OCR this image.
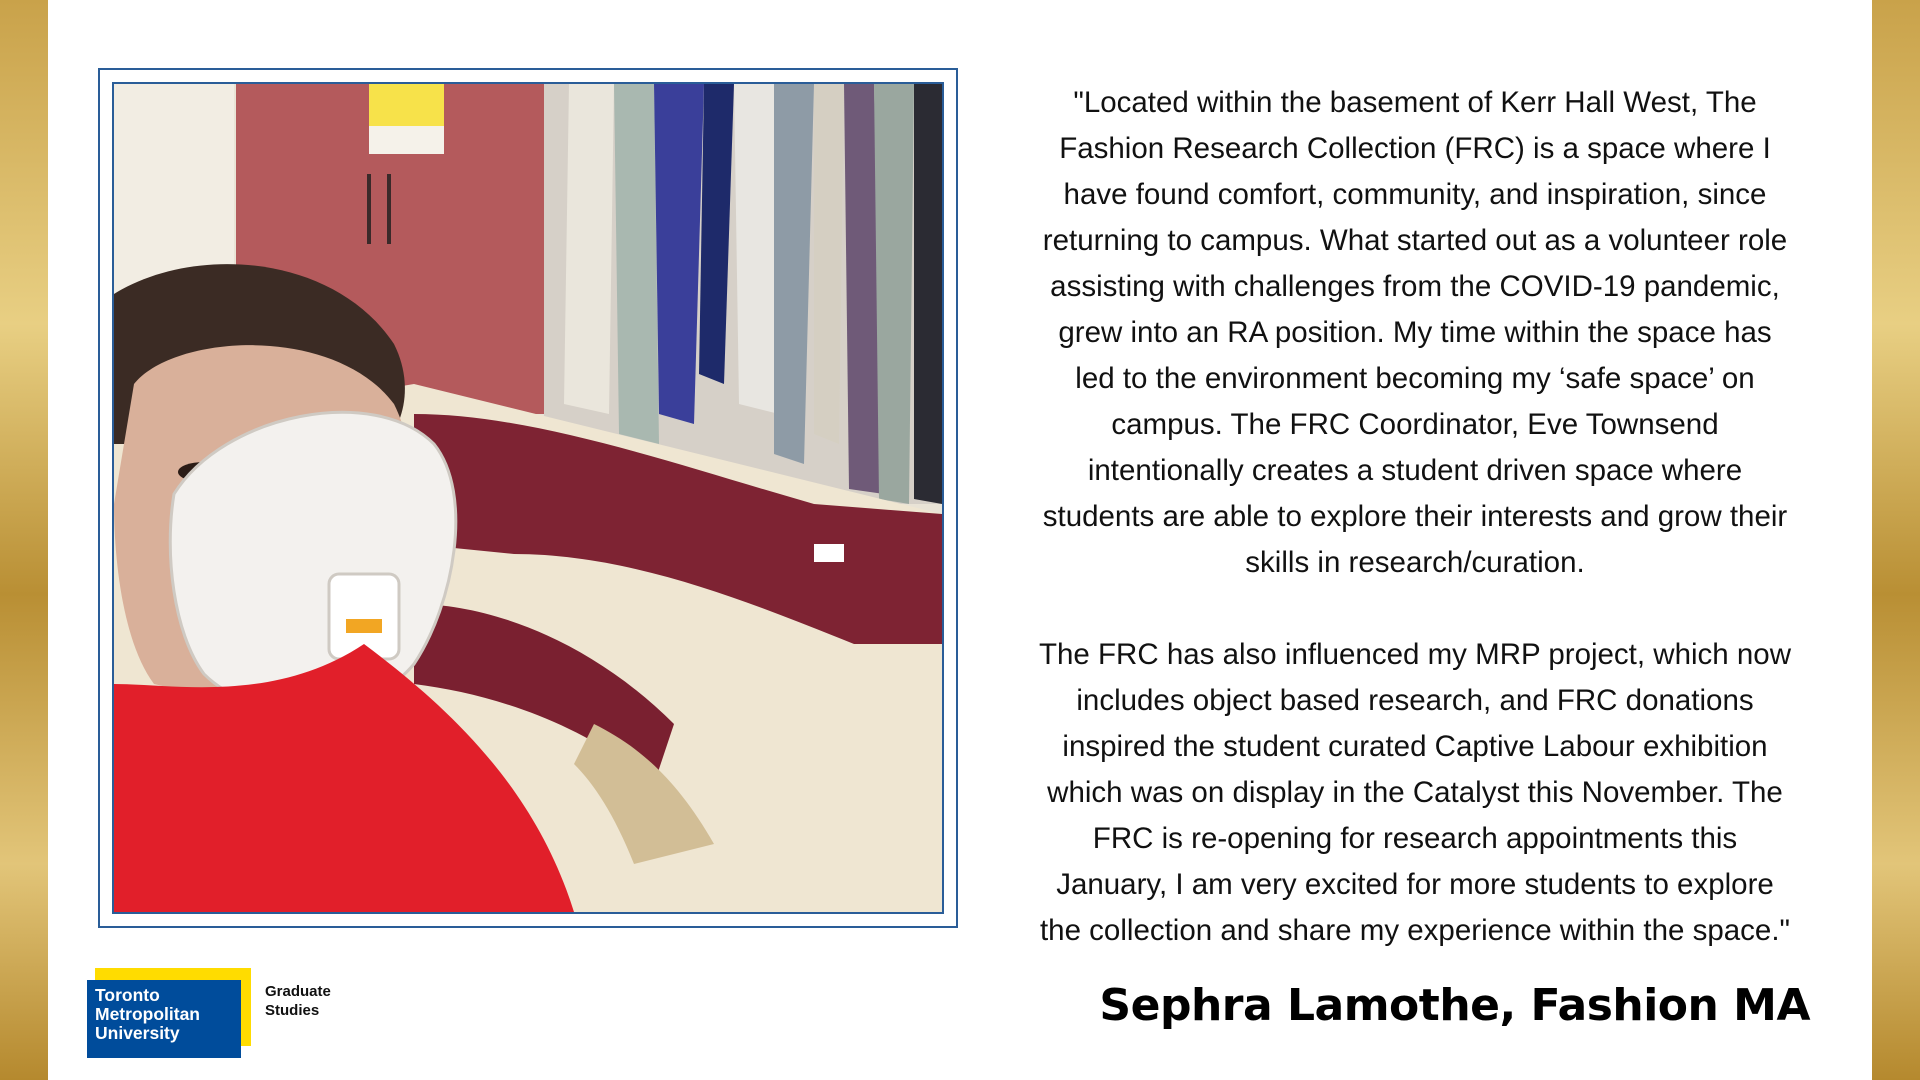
"Located within the basement of Kerr Hall West, The
Fashion Research Collection (FRC) is a space where I
have found comfort, community, and inspiration, since
returning to campus. What started out as a volunteer role
assisting with challenges from the COVID-19 pandemic,
grew into an RA position. My time within the space has
led to the environment becoming my ‘safe space’ on
campus. The FRC Coordinator, Eve Townsend
intentionally creates a student driven space where
students are able to explore their interests and grow their
skills in research/curation.

The FRC has also influenced my MRP project, which now
includes object based research, and FRC donations
inspired the student curated Captive Labour exhibition
which was on display in the Catalyst this November. The
FRC is re-opening for research appointments this
January, I am very excited for more students to explore
the collection and share my experience within the space."

Sephra Lamothe, Fashion MA
Toronto
Metropolitan
University
Graduate
Studies
